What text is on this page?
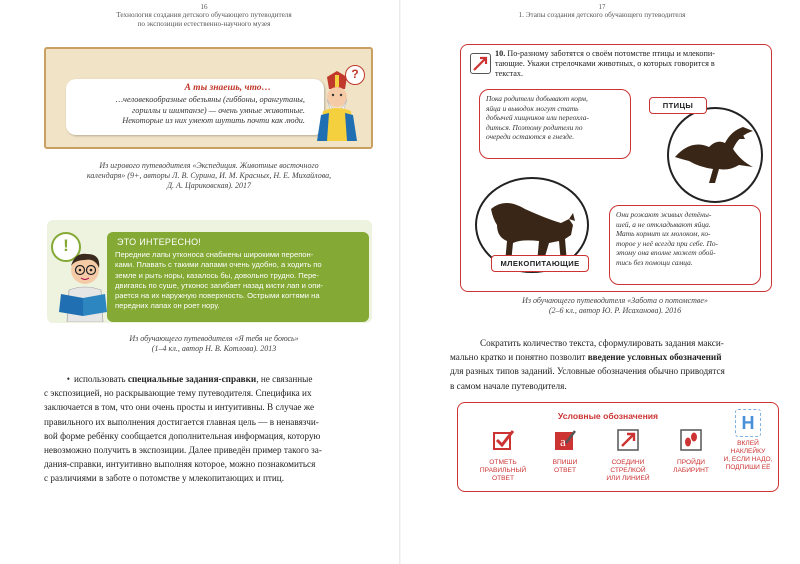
16
Технология создания детского обучающего путеводителя
по экспозиции естественно-научного музея
А ты знаешь, что…
…человекообразные обезьяны (гиббоны, орангутаны,
гориллы и шимпанзе) — очень умные животные.
Некоторые из них умеют шутить почти как люди.
?
Из игрового путеводителя «Экспедиция. Животные восточного
календаря» (9+, авторы Л. В. Сурина, И. М. Красных, Н. Е. Михайлова,
Д. А. Цариковская). 2017
ЭТО ИНТЕРЕСНО!
Передние лапы утконоса снабжены широкими перепон-
ками. Плавать с такими лапами очень удобно, а ходить по
земле и рыть норы, казалось бы, довольно трудно. Пере-
двигаясь по суше, утконос загибает назад кисти лап и опи-
рается на их наружную поверхность. Острыми когтями на
передних лапах он роет нору.
!
Из обучающего путеводителя «Я тебя не боюсь»
(1–4 кл., автор Н. В. Котлова). 2013
• использовать специальные задания-справки, не связанные
с экспозицией, но раскрывающие тему путеводителя. Специфика их
заключается в том, что они очень просты и интуитивны. В случае же
правильного их выполнения достигается главная цель — в ненавязчи-
вой форме ребёнку сообщается дополнительная информация, которую
невозможно получить в экспозиции. Далее приведён пример такого за-
дания-справки, интуитивно выполняя которое, можно познакомиться
с различиями в заботе о потомстве у млекопитающих и птиц.
17
1. Этапы создания детского обучающего путеводителя
10. По-разному заботятся о своём потомстве птицы и млекопи-
тающие. Укажи стрелочками животных, о которых говорится в
текстах.
Пока родители добывают корм,
яйца и выводок могут стать
добычей хищников или переохла-
диться. Поэтому родители по
очереди остаются в гнезде.
ПТИЦЫ
МЛЕКОПИТАЮЩИЕ
Они рожают живых детёны-
шей, а не откладывают яйца.
Мать кормит их молоком, ко-
торое у неё всегда при себе. По-
этому она вполне может обой-
тись без помощи самца.
Из обучающего путеводителя «Забота о потомстве»
(2–6 кл., автор Ю. Р. Исаханова). 2016
Сократить количество текста, сформулировать задания макси-
мально кратко и понятно позволит введение условных обозначений
для разных типов заданий. Условные обозначения обычно приводятся
в самом начале путеводителя.
Условные обозначения
ОТМЕТЬ
ПРАВИЛЬНЫЙ
ОТВЕТ
a
ВПИШИ
ОТВЕТ
СОЕДИНИ
СТРЕЛКОЙ
ИЛИ ЛИНИЕЙ
ПРОЙДИ
ЛАБИРИНТ
H
ВКЛЕЙ
НАКЛЕЙКУ
И, ЕСЛИ НАДО,
ПОДПИШИ ЕЁ
